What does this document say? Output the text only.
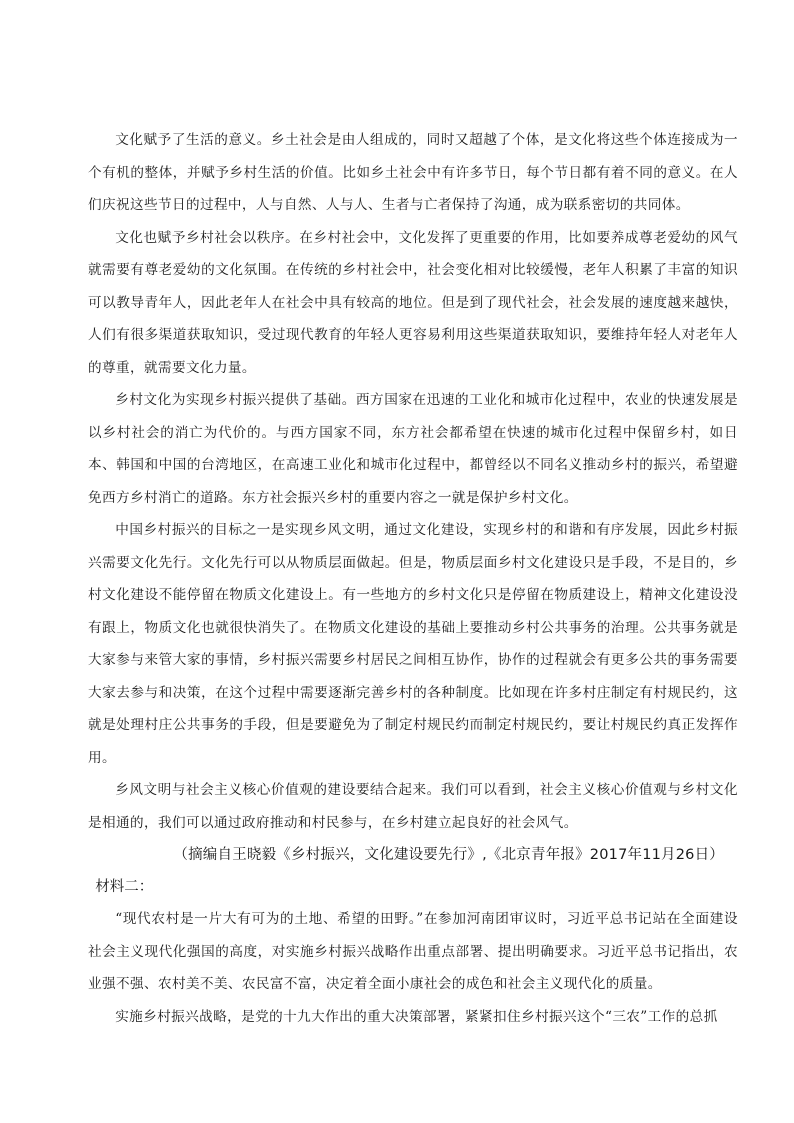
文化赋予了生活的意义。乡土社会是由人组成的，同时又超越了个体，是文化将这些个体连接成为一个有机的整体，并赋予乡村生活的价值。比如乡土社会中有许多节日，每个节日都有着不同的意义。在人们庆祝这些节日的过程中，人与自然、人与人、生者与亡者保持了沟通，成为联系密切的共同体。

文化也赋予乡村社会以秩序。在乡村社会中，文化发挥了更重要的作用，比如要养成尊老爱幼的风气就需要有尊老爱幼的文化氛围。在传统的乡村社会中，社会变化相对比较缓慢，老年人积累了丰富的知识可以教导青年人，因此老年人在社会中具有较高的地位。但是到了现代社会，社会发展的速度越来越快，人们有很多渠道获取知识，受过现代教育的年轻人更容易利用这些渠道获取知识，要维持年轻人对老年人的尊重，就需要文化力量。

乡村文化为实现乡村振兴提供了基础。西方国家在迅速的工业化和城市化过程中，农业的快速发展是以乡村社会的消亡为代价的。与西方国家不同，东方社会都希望在快速的城市化过程中保留乡村，如日本、韩国和中国的台湾地区，在高速工业化和城市化过程中，都曾经以不同名义推动乡村的振兴，希望避免西方乡村消亡的道路。东方社会振兴乡村的重要内容之一就是保护乡村文化。

中国乡村振兴的目标之一是实现乡风文明，通过文化建设，实现乡村的和谐和有序发展，因此乡村振兴需要文化先行。文化先行可以从物质层面做起。但是，物质层面乡村文化建设只是手段，不是目的，乡村文化建设不能停留在物质文化建设上。有一些地方的乡村文化只是停留在物质建设上，精神文化建设没有跟上，物质文化也就很快消失了。在物质文化建设的基础上要推动乡村公共事务的治理。公共事务就是大家参与来管大家的事情，乡村振兴需要乡村居民之间相互协作，协作的过程就会有更多公共的事务需要大家去参与和决策，在这个过程中需要逐渐完善乡村的各种制度。比如现在许多村庄制定有村规民约，这就是处理村庄公共事务的手段，但是要避免为了制定村规民约而制定村规民约，要让村规民约真正发挥作用。

乡风文明与社会主义核心价值观的建设要结合起来。我们可以看到，社会主义核心价值观与乡村文化是相通的，我们可以通过政府推动和村民参与，在乡村建立起良好的社会风气。

（摘编自王晓毅《乡村振兴，文化建设要先行》,《北京青年报》2017年11月26日）

材料二：

“现代农村是一片大有可为的土地、希望的田野。”在参加河南团审议时，习近平总书记站在全面建设社会主义现代化强国的高度，对实施乡村振兴战略作出重点部署、提出明确要求。习近平总书记指出，农业强不强、农村美不美、农民富不富，决定着全面小康社会的成色和社会主义现代化的质量。

实施乡村振兴战略，是党的十九大作出的重大决策部署，紧紧扣住乡村振兴这个“三农”工作的总抓
